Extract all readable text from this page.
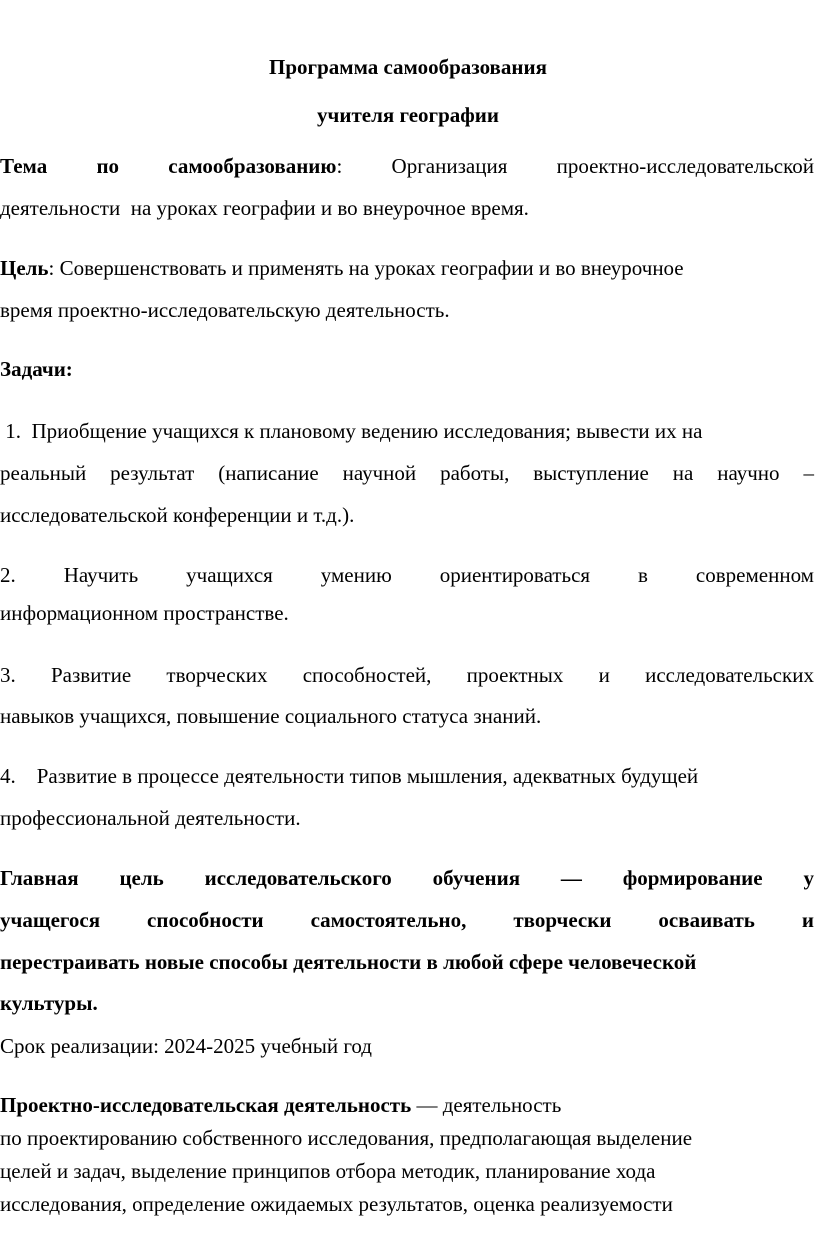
Программа самообразования
учителя географии
Тема по самообразованию: Организация проектно-исследовательской
деятельности  на уроках географии и во внеурочное время.
Цель: Совершенствовать и применять на уроках географии и во внеурочное
время проектно-исследовательскую деятельность.
Задачи:
1.  Приобщение учащихся к плановому ведению исследования; вывести их на
реальный результат (написание научной работы, выступление на научно –
исследовательской конференции и т.д.).
2. Научить учащихся умению ориентироваться в современном
информационном пространстве.
3. Развитие творческих способностей, проектных и исследовательских
навыков учащихся, повышение социального статуса знаний.
4.    Развитие в процессе деятельности типов мышления, адекватных будущей
профессиональной деятельности.
Главная цель исследовательского обучения — формирование у
учащегося способности самостоятельно, творчески осваивать и
перестраивать новые способы деятельности в любой сфере человеческой
культуры.
Срок реализации: 2024-2025 учебный год
Проектно-исследовательская деятельность — деятельность
по проектированию собственного исследования, предполагающая выделение
целей и задач, выделение принципов отбора методик, планирование хода
исследования, определение ожидаемых результатов, оценка реализуемости
